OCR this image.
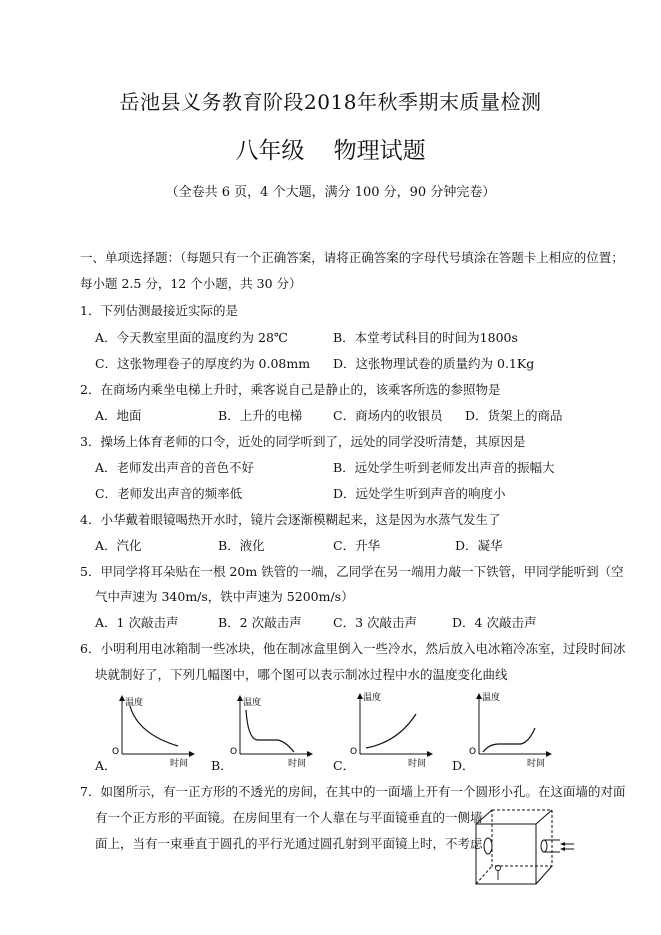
岳池县义务教育阶段2018年秋季期末质量检测
八年级    物理试题
（全卷共 6 页，4 个大题，满分 100 分，90 分钟完卷）
一、单项选择题：（每题只有一个正确答案，请将正确答案的字母代号填涂在答题卡上相应的位置；
每小题 2.5 分，12 个小题，共 30 分）
1．下列估测最接近实际的是
A．今天教室里面的温度约为 28℃	B．本堂考试科目的时间为1800s
C．这张物理卷子的厚度约为 0.08mm D．这张物理试卷的质量约为 0.1Kg
2．在商场内乘坐电梯上升时，乘客说自己是静止的，该乘客所选的参照物是
A．地面	B．上升的电梯 C．商场内的收银员 D．货架上的商品
3．操场上体育老师的口令，近处的同学听到了，远处的同学没听清楚，其原因是
A．老师发出声音的音色不好	B．远处学生听到老师发出声音的振幅大
C．老师发出声音的频率低	D．远处学生听到声音的响度小
4．小华戴着眼镜喝热开水时，镜片会逐渐模糊起来，这是因为水蒸气发生了
A．汽化	B．液化	C．升华	D．凝华
5．甲同学将耳朵贴在一根 20m 铁管的一端，乙同学在另一端用力敲一下铁管，甲同学能听到（空
气中声速为 340m/s，铁中声速为 5200m/s）
A．1 次敲击声	B．2 次敲击声	C．3 次敲击声	D．4 次敲击声
6．小明利用电冰箱制一些冰块，他在制冰盒里倒入一些冷水，然后放入电冰箱冷冻室，过段时间冰
块就制好了，下列几幅图中，哪个图可以表示制冰过程中水的温度变化曲线
A．	B．	C．	D．
温度
O
时间
温度
O
时间
温度
O
时间
温度
O
时间
7．如图所示，有一正方形的不透光的房间，在其中的一面墙上开有一个圆形小孔。在这面墙的对面
有一个正方形的平面镜。在房间里有一个人靠在与平面镜垂直的一侧墙
面上，当有一束垂直于圆孔的平行光通过圆孔射到平面镜上时，不考虑
